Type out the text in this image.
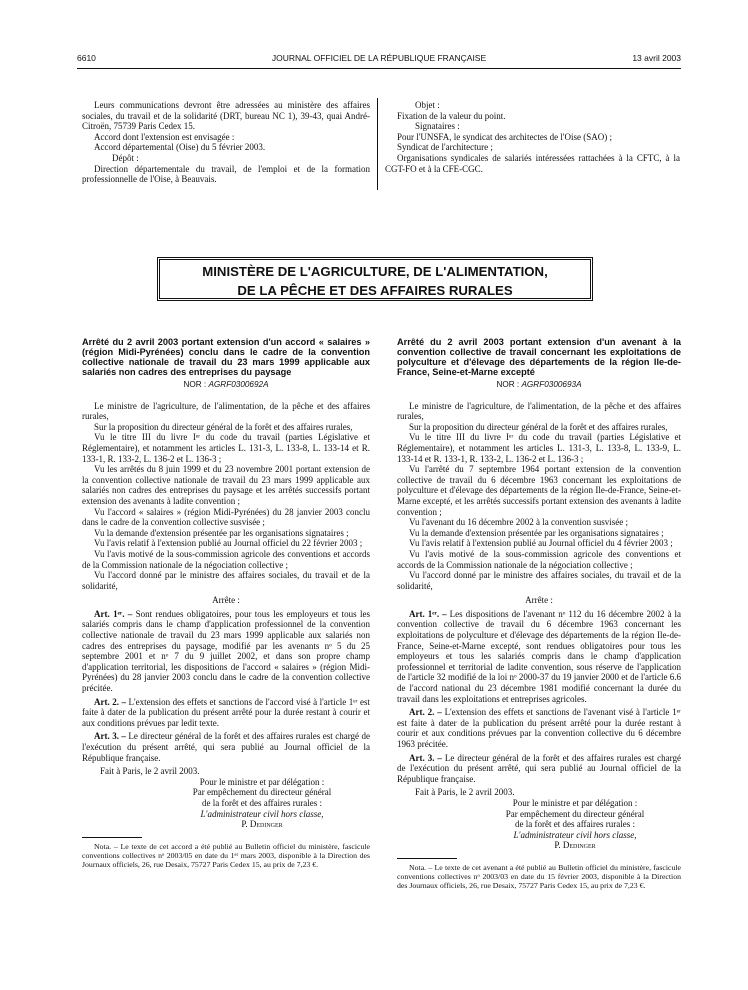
6610	JOURNAL OFFICIEL DE LA RÉPUBLIQUE FRANÇAISE	13 avril 2003

Leurs communications devront être adressées au ministère des affaires sociales, du travail et de la solidarité (DRT, bureau NC 1), 39-43, quai André-Citroën, 75739 Paris Cedex 15.

Accord dont l'extension est envisagée :

Accord départemental (Oise) du 5 février 2003.

Dépôt :

Direction départementale du travail, de l'emploi et de la formation professionnelle de l'Oise, à Beauvais.

Objet :

Fixation de la valeur du point.

Signataires :

Pour l'UNSFA, le syndicat des architectes de l'Oise (SAO) ;

Syndicat de l'architecture ;

Organisations syndicales de salariés intéressées rattachées à la CFTC, à la CGT-FO et à la CFE-CGC.

MINISTÈRE DE L'AGRICULTURE, DE L'ALIMENTATION,
DE LA PÊCHE ET DES AFFAIRES RURALES

Arrêté du 2 avril 2003 portant extension d'un accord « salaires » (région Midi-Pyrénées) conclu dans le cadre de la convention collective nationale de travail du 23 mars 1999 applicable aux salariés non cadres des entreprises du paysage

NOR : AGRF0300692A

Le ministre de l'agriculture, de l'alimentation, de la pêche et des affaires rurales,

Sur la proposition du directeur général de la forêt et des affaires rurales,

Vu le titre III du livre Iᵉʳ du code du travail (parties Législative et Réglementaire), et notamment les articles L. 131-3, L. 133-8, L. 133-14 et R. 133-1, R. 133-2, L. 136-2 et L. 136-3 ;

Vu les arrêtés du 8 juin 1999 et du 23 novembre 2001 portant extension de la convention collective nationale de travail du 23 mars 1999 applicable aux salariés non cadres des entreprises du paysage et les arrêtés successifs portant extension des avenants à ladite convention ;

Vu l'accord « salaires » (région Midi-Pyrénées) du 28 janvier 2003 conclu dans le cadre de la convention collective susvisée ;

Vu la demande d'extension présentée par les organisations signataires ;

Vu l'avis relatif à l'extension publié au Journal officiel du 22 février 2003 ;

Vu l'avis motivé de la sous-commission agricole des conventions et accords de la Commission nationale de la négociation collective ;

Vu l'accord donné par le ministre des affaires sociales, du travail et de la solidarité,

Arrête :

Art. 1ᵉʳ. – Sont rendues obligatoires, pour tous les employeurs et tous les salariés compris dans le champ d'application professionnel de la convention collective nationale de travail du 23 mars 1999 applicable aux salariés non cadres des entreprises du paysage, modifié par les avenants nᵒ 5 du 25 septembre 2001 et nᵒ 7 du 9 juillet 2002, et dans son propre champ d'application territorial, les dispositions de l'accord « salaires » (région Midi-Pyrénées) du 28 janvier 2003 conclu dans le cadre de la convention collective précitée.

Art. 2. – L'extension des effets et sanctions de l'accord visé à l'article 1ᵉʳ est faite à dater de la publication du présent arrêté pour la durée restant à courir et aux conditions prévues par ledit texte.

Art. 3. – Le directeur général de la forêt et des affaires rurales est chargé de l'exécution du présent arrêté, qui sera publié au Journal officiel de la République française.

Fait à Paris, le 2 avril 2003.

Pour le ministre et par délégation :

Par empêchement du directeur général

de la forêt et des affaires rurales :

L'administrateur civil hors classe,

P. Dedinger

Nota. – Le texte de cet accord a été publié au Bulletin officiel du ministère, fascicule conventions collectives nᵒ 2003/05 en date du 1ᵉʳ mars 2003, disponible à la Direction des Journaux officiels, 26, rue Desaix, 75727 Paris Cedex 15, au prix de 7,23 €.

Arrêté du 2 avril 2003 portant extension d'un avenant à la convention collective de travail concernant les exploitations de polyculture et d'élevage des départements de la région Ile-de-France, Seine-et-Marne excepté

NOR : AGRF0300693A

Le ministre de l'agriculture, de l'alimentation, de la pêche et des affaires rurales,

Sur la proposition du directeur général de la forêt et des affaires rurales,

Vu le titre III du livre Iᵉʳ du code du travail (parties Législative et Réglementaire), et notamment les articles L. 131-3, L. 133-8, L. 133-9, L. 133-14 et R. 133-1, R. 133-2, L. 136-2 et L. 136-3 ;

Vu l'arrêté du 7 septembre 1964 portant extension de la convention collective de travail du 6 décembre 1963 concernant les exploitations de polyculture et d'élevage des départements de la région Ile-de-France, Seine-et-Marne excepté, et les arrêtés successifs portant extension des avenants à ladite convention ;

Vu l'avenant du 16 décembre 2002 à la convention susvisée ;

Vu la demande d'extension présentée par les organisations signataires ;

Vu l'avis relatif à l'extension publié au Journal officiel du 4 février 2003 ;

Vu l'avis motivé de la sous-commission agricole des conventions et accords de la Commission nationale de la négociation collective ;

Vu l'accord donné par le ministre des affaires sociales, du travail et de la solidarité,

Arrête :

Art. 1ᵉʳ. – Les dispositions de l'avenant nᵒ 112 du 16 décembre 2002 à la convention collective de travail du 6 décembre 1963 concernant les exploitations de polyculture et d'élevage des départements de la région Ile-de-France, Seine-et-Marne excepté, sont rendues obligatoires pour tous les employeurs et tous les salariés compris dans le champ d'application professionnel et territorial de ladite convention, sous réserve de l'application de l'article 32 modifié de la loi nᵒ 2000-37 du 19 janvier 2000 et de l'article 6.6 de l'accord national du 23 décembre 1981 modifié concernant la durée du travail dans les exploitations et entreprises agricoles.

Art. 2. – L'extension des effets et sanctions de l'avenant visé à l'article 1ᵉʳ est faite à dater de la publication du présent arrêté pour la durée restant à courir et aux conditions prévues par la convention collective du 6 décembre 1963 précitée.

Art. 3. – Le directeur général de la forêt et des affaires rurales est chargé de l'exécution du présent arrêté, qui sera publié au Journal officiel de la République française.

Fait à Paris, le 2 avril 2003.

Pour le ministre et par délégation :

Par empêchement du directeur général

de la forêt et des affaires rurales :

L'administrateur civil hors classe,

P. Dedinger

Nota. – Le texte de cet avenant a été publié au Bulletin officiel du ministère, fascicule conventions collectives nᵒ 2003/03 en date du 15 février 2003, disponible à la Direction des Journaux officiels, 26, rue Desaix, 75727 Paris Cedex 15, au prix de 7,23 €.
